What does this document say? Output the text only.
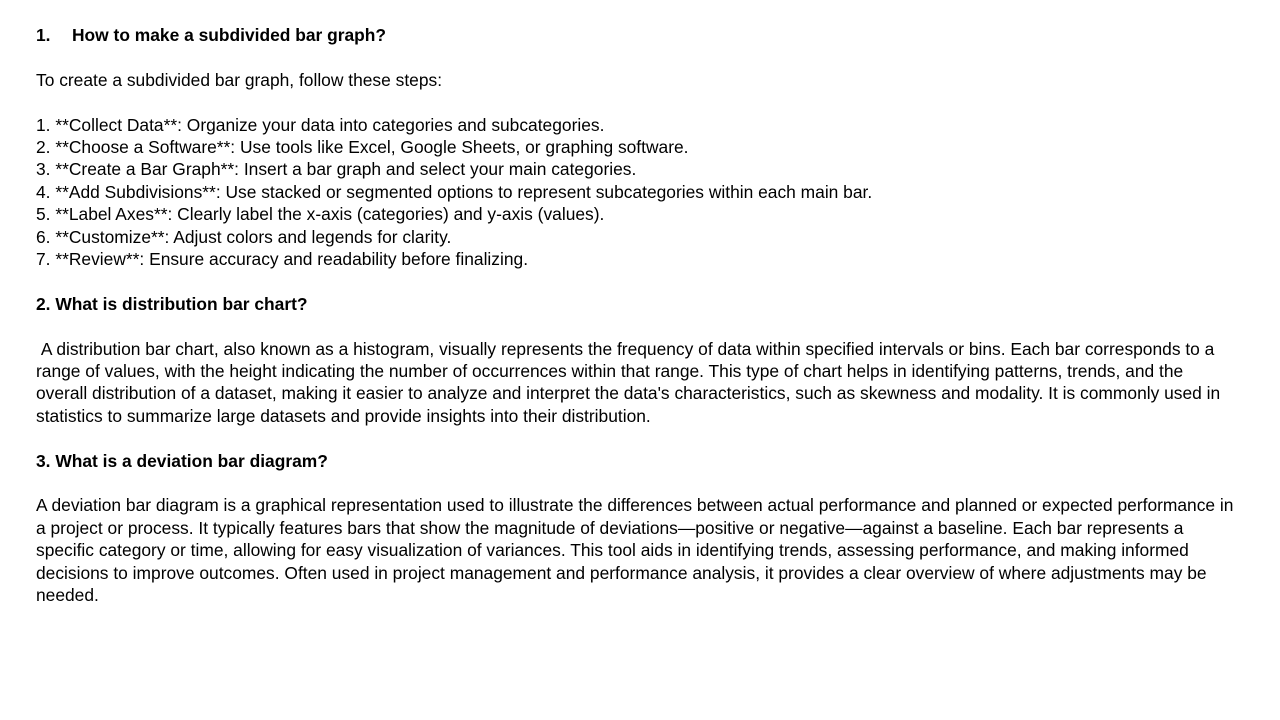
1. How to make a subdivided bar graph?

To create a subdivided bar graph, follow these steps:

1. **Collect Data**: Organize your data into categories and subcategories.
2. **Choose a Software**: Use tools like Excel, Google Sheets, or graphing software.
3. **Create a Bar Graph**: Insert a bar graph and select your main categories.
4. **Add Subdivisions**: Use stacked or segmented options to represent subcategories within each main bar.
5. **Label Axes**: Clearly label the x-axis (categories) and y-axis (values).
6. **Customize**: Adjust colors and legends for clarity.
7. **Review**: Ensure accuracy and readability before finalizing.

2. What is distribution bar chart?

A distribution bar chart, also known as a histogram, visually represents the frequency of data within specified intervals or bins. Each bar corresponds to a range of values, with the height indicating the number of occurrences within that range. This type of chart helps in identifying patterns, trends, and the overall distribution of a dataset, making it easier to analyze and interpret the data's characteristics, such as skewness and modality. It is commonly used in statistics to summarize large datasets and provide insights into their distribution.

3. What is a deviation bar diagram?

A deviation bar diagram is a graphical representation used to illustrate the differences between actual performance and planned or expected performance in a project or process. It typically features bars that show the magnitude of deviations—positive or negative—against a baseline. Each bar represents a specific category or time, allowing for easy visualization of variances. This tool aids in identifying trends, assessing performance, and making informed decisions to improve outcomes. Often used in project management and performance analysis, it provides a clear overview of where adjustments may be needed.
